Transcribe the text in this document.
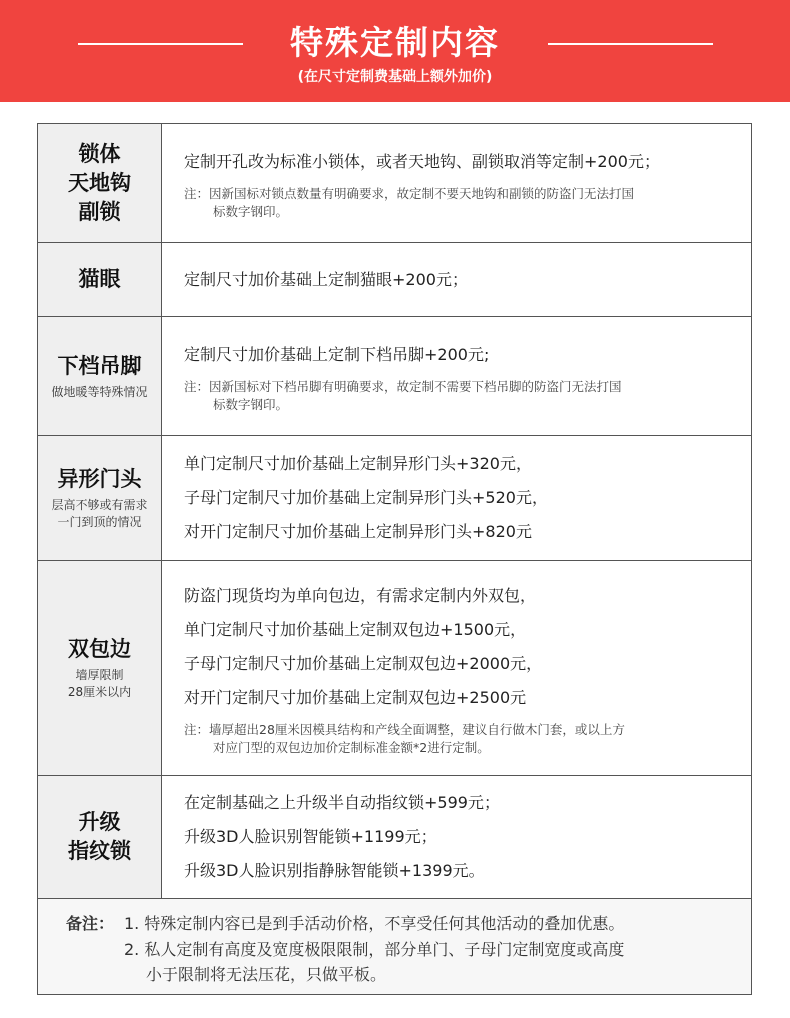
特殊定制内容
(在尺寸定制费基础上额外加价)
锁体
天地钩
副锁
定制开孔改为标准小锁体，或者天地钩、副锁取消等定制+200元；
注：因新国标对锁点数量有明确要求，故定制不要天地钩和副锁的防盗门无法打国
标数字钢印。
猫眼	定制尺寸加价基础上定制猫眼+200元；
下档吊脚
做地暖等特殊情况
定制尺寸加价基础上定制下档吊脚+200元;
注：因新国标对下档吊脚有明确要求，故定制不需要下档吊脚的防盗门无法打国
标数字钢印。
异形门头
层高不够或有需求
一门到顶的情况
单门定制尺寸加价基础上定制异形门头+320元，
子母门定制尺寸加价基础上定制异形门头+520元，
对开门定制尺寸加价基础上定制异形门头+820元
双包边
墙厚限制
28厘米以内
防盗门现货均为单向包边，有需求定制内外双包，
单门定制尺寸加价基础上定制双包边+1500元，
子母门定制尺寸加价基础上定制双包边+2000元，
对开门定制尺寸加价基础上定制双包边+2500元
注：墙厚超出28厘米因模具结构和产线全面调整，建议自行做木门套，或以上方
对应门型的双包边加价定制标准金额*2进行定制。
升级
指纹锁
在定制基础之上升级半自动指纹锁+599元；
升级3D人脸识别智能锁+1199元；
升级3D人脸识别指静脉智能锁+1399元。
备注： 1. 特殊定制内容已是到手活动价格，不享受任何其他活动的叠加优惠。
2. 私人定制有高度及宽度极限限制，部分单门、子母门定制宽度或高度
小于限制将无法压花，只做平板。
